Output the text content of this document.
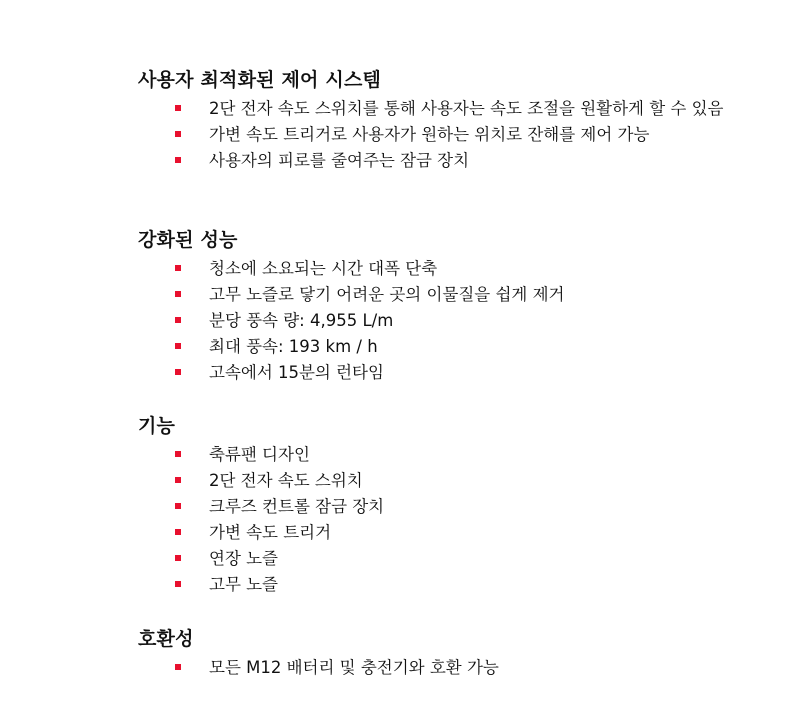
사용자 최적화된 제어 시스템
2단 전자 속도 스위치를 통해 사용자는 속도 조절을 원활하게 할 수 있음
가변 속도 트리거로 사용자가 원하는 위치로 잔해를 제어 가능
사용자의 피로를 줄여주는 잠금 장치
강화된 성능
청소에 소요되는 시간 대폭 단축
고무 노즐로 닿기 어려운 곳의 이물질을 쉽게 제거
분당 풍속 량: 4,955 L/m
최대 풍속: 193 km / h
고속에서 15분의 런타임
기능
축류팬 디자인
2단 전자 속도 스위치
크루즈 컨트롤 잠금 장치
가변 속도 트리거
연장 노즐
고무 노즐
호환성
모든 M12 배터리 및 충전기와 호환 가능
